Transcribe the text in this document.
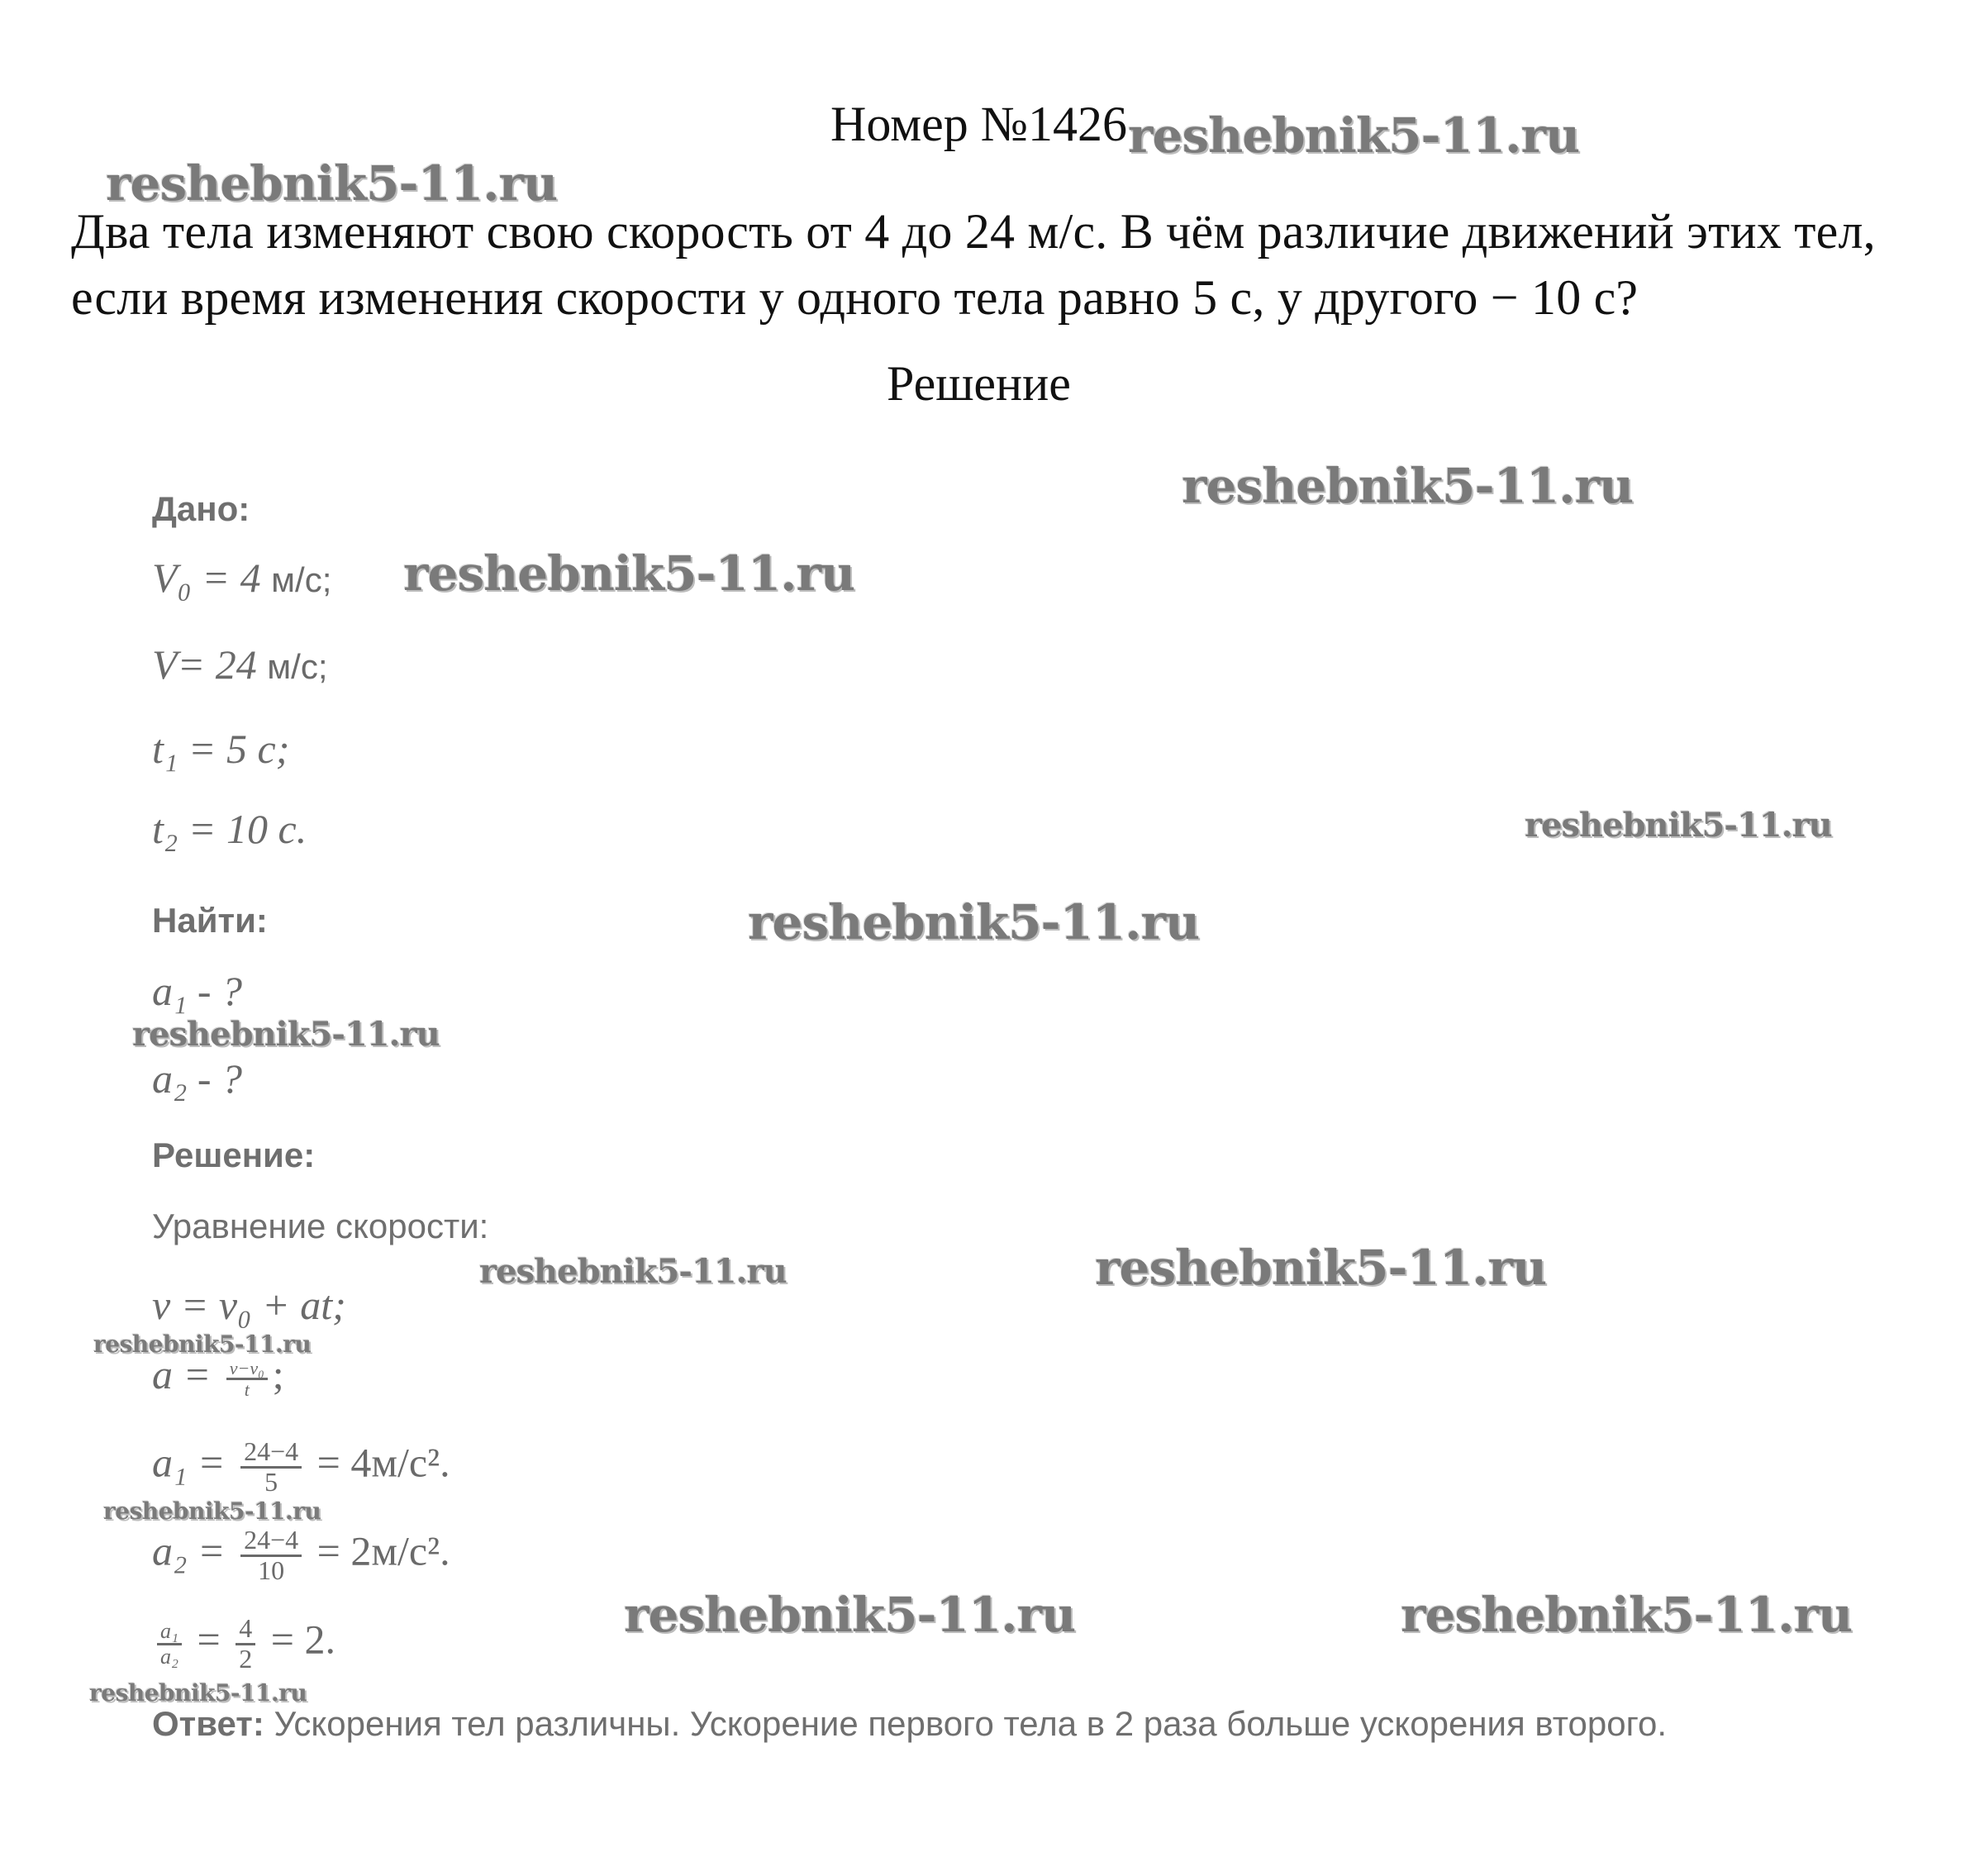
Номер №1426
Два тела изменяют свою скорость от 4 до 24 м/с. В чём различие движений этих тел,
если время изменения скорости у одного тела равно 5 с, у другого − 10 с?
Решение
Дано:
V₀ = 4 м/с;
V= 24 м/с;
t₁ = 5 c;
t₂ = 10 c.
Найти:
a₁ - ?
a₂ - ?
Решение:
Уравнение скорости:
v = v₀ + at;
$a = \frac{\text{v−v₀}}{t}$ ;
$a_1 = \frac{24-4}{5} = 4м/с^2$.
$a_2 = \frac{24-4}{10} = 2м/с^2$.
$\frac{\text{a₁}}{\text{a₂}} = \frac{4}{2} = 2$.
Ответ: Ускорения тел различны. Ускорение первого тела в 2 раза больше ускорения второго.
reshebnik5-11.ru
reshebnik5-11.ru
reshebnik5-11.ru
reshebnik5-11.ru
reshebnik5-11.ru
reshebnik5-11.ru
reshebnik5-11.ru
reshebnik5-11.ru	reshebnik5-11.ru
reshebnik5-11.ru
reshebnik5-11.ru
reshebnik5-11.ru	reshebnik5-11.ru
reshebnik5-11.ru
